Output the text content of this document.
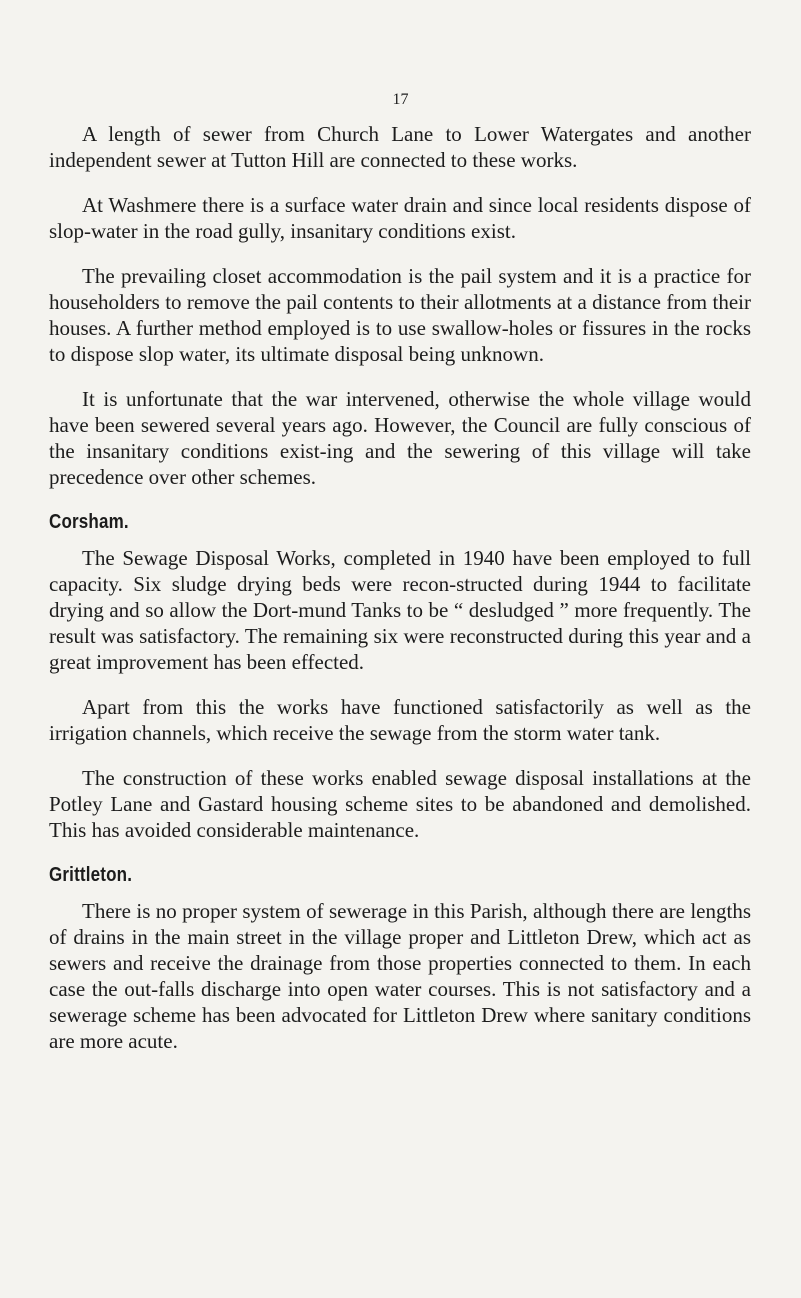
17

A length of sewer from Church Lane to Lower Watergates and another independent sewer at Tutton Hill are connected to these works.

At Washmere there is a surface water drain and since local residents dispose of slop-water in the road gully, insanitary conditions exist.

The prevailing closet accommodation is the pail system and it is a practice for householders to remove the pail contents to their allotments at a distance from their houses. A further method employed is to use swallow-holes or fissures in the rocks to dispose slop water, its ultimate disposal being unknown.

It is unfortunate that the war intervened, otherwise the whole village would have been sewered several years ago. However, the Council are fully conscious of the insanitary conditions exist-ing and the sewering of this village will take precedence over other schemes.

Corsham.

The Sewage Disposal Works, completed in 1940 have been employed to full capacity. Six sludge drying beds were recon-structed during 1944 to facilitate drying and so allow the Dort-mund Tanks to be “ desludged ” more frequently. The result was satisfactory. The remaining six were reconstructed during this year and a great improvement has been effected.

Apart from this the works have functioned satisfactorily as well as the irrigation channels, which receive the sewage from the storm water tank.

The construction of these works enabled sewage disposal installations at the Potley Lane and Gastard housing scheme sites to be abandoned and demolished. This has avoided considerable maintenance.

Grittleton.

There is no proper system of sewerage in this Parish, although there are lengths of drains in the main street in the village proper and Littleton Drew, which act as sewers and receive the drainage from those properties connected to them. In each case the out-falls discharge into open water courses. This is not satisfactory and a sewerage scheme has been advocated for Littleton Drew where sanitary conditions are more acute.
